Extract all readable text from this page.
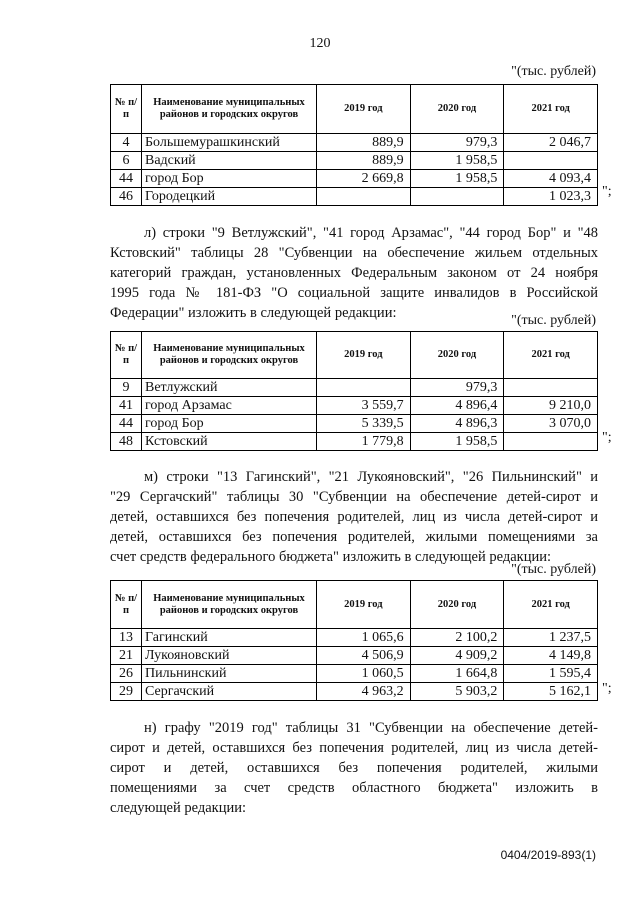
120
"(тыс. рублей)
№ п/п	Наименование муниципальных районов и городских округов	2019 год	2020 год	2021 год
4	Большемурашкинский	889,9	979,3	2 046,7
6	Вадский	889,9	1 958,5	
44	город Бор	2 669,8	1 958,5	4 093,4
46	Городецкий			1 023,3 ";
л) строки "9 Ветлужский", "41 город Арзамас", "44 город Бор" и "48
Кстовский" таблицы 28 "Субвенции на обеспечение жильем отдельных
категорий граждан, установленных Федеральным законом от 24 ноября
1995 года № 181-ФЗ "О социальной защите инвалидов в Российской
Федерации" изложить в следующей редакции:	"(тыс. рублей)
№ п/п	Наименование муниципальных районов и городских округов	2019 год	2020 год	2021 год
9	Ветлужский		979,3	
41	город Арзамас	3 559,7	4 896,4	9 210,0
44	город Бор	5 339,5	4 896,3	3 070,0
48	Кстовский	1 779,8	1 958,5		";
м) строки "13 Гагинский", "21 Лукояновский", "26 Пильнинский" и
"29 Сергачский" таблицы 30 "Субвенции на обеспечение детей-сирот и
детей, оставшихся без попечения родителей, лиц из числа детей-сирот и
детей, оставшихся без попечения родителей, жилыми помещениями за
счет средств федерального бюджета" изложить в следующей редакции:
"(тыс. рублей)
№ п/п	Наименование муниципальных районов и городских округов	2019 год	2020 год	2021 год
13	Гагинский	1 065,6	2 100,2	1 237,5
21	Лукояновский	4 506,9	4 909,2	4 149,8
26	Пильнинский	1 060,5	1 664,8	1 595,4
29	Сергачский	4 963,2	5 903,2	5 162,1 ";
н) графу "2019 год" таблицы 31 "Субвенции на обеспечение детей-
сирот и детей, оставшихся без попечения родителей, лиц из числа детей-
сирот и детей, оставшихся без попечения родителей, жилыми
помещениями за счет средств областного бюджета" изложить в
следующей редакции:
0404/2019-893(1)
